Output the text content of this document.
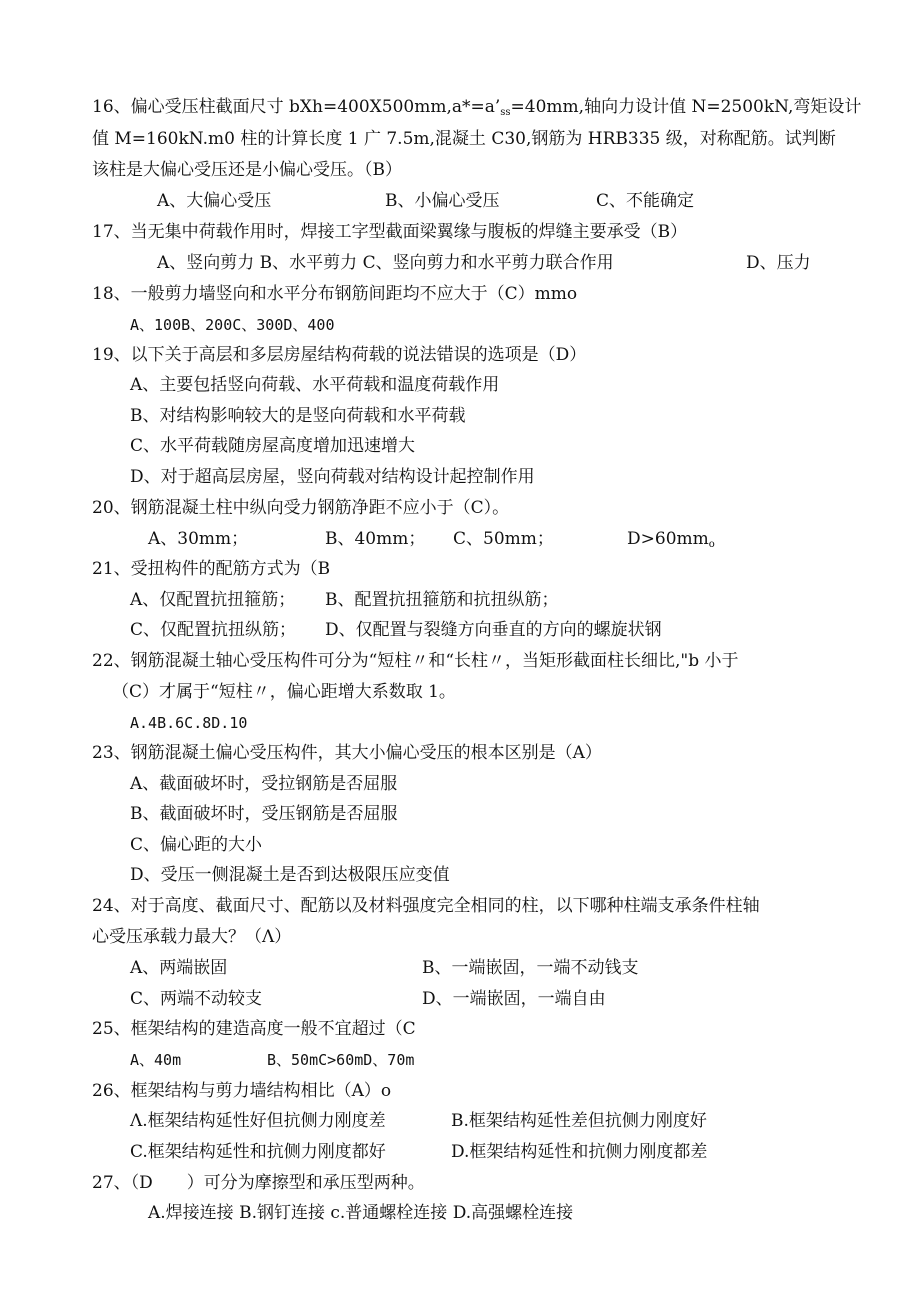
16、偏心受压柱截面尺寸 $bXh=400X500mm,a*=a’_{ss}=40mm$,轴向力设计值 N=2500kN,弯矩设计
值 M=160kN.m0 柱的计算长度 1 广 7.5m,混凝土 C30,钢筋为 HRB335 级，对称配筋。试判断
该柱是大偏心受压还是小偏心受压。（B）
A、大偏心受压	B、小偏心受压	C、不能确定
17、当无集中荷载作用时，焊接工字型截面梁翼缘与腹板的焊缝主要承受（B）
A、竖向剪力 B、水平剪力 C、竖向剪力和水平剪力联合作用	D、压力
18、一般剪力墙竖向和水平分布钢筋间距均不应大于（C）mmo
A、100B、200C、300D、400
19、以下关于高层和多层房屋结构荷载的说法错误的选项是（D）
A、主要包括竖向荷载、水平荷载和温度荷载作用
B、对结构影响较大的是竖向荷载和水平荷载
C、水平荷载随房屋高度增加迅速增大
D、对于超高层房屋，竖向荷载对结构设计起控制作用
20、钢筋混凝土柱中纵向受力钢筋净距不应小于（C）。
A、30mm；	B、40mm； C、50mm；	$D>60mm_o$
21、受扭构件的配筋方式为（B
A、仅配置抗扭箍筋； B、配置抗扭箍筋和抗扭纵筋；
C、仅配置抗扭纵筋； D、仅配置与裂缝方向垂直的方向的螺旋状钢
22、钢筋混凝土轴心受压构件可分为“短柱〃和“长柱〃，当矩形截面柱长细比,"b 小于
（C）才属于“短柱〃，偏心距增大系数取 1。
A.4B.6C.8D.10
23、钢筋混凝土偏心受压构件，其大小偏心受压的根本区别是（A）
A、截面破坏时，受拉钢筋是否屈服
B、截面破坏时，受压钢筋是否屈服
C、偏心距的大小
D、受压一侧混凝土是否到达极限压应变值
24、对于高度、截面尺寸、配筋以及材料强度完全相同的柱，以下哪种柱端支承条件柱轴
心受压承载力最大？（Λ）
A、两端嵌固	B、一端嵌固，一端不动钱支
C、两端不动较支	D、一端嵌固，一端自由
25、框架结构的建造高度一般不宜超过（C
A、40m	B、50mC>60mD、70m
26、框架结构与剪力墙结构相比（A）o
Λ.框架结构延性好但抗侧力刚度差	B.框架结构延性差但抗侧力刚度好
C.框架结构延性和抗侧力刚度都好	D.框架结构延性和抗侧力刚度都差
27、（D　　）可分为摩擦型和承压型两种。
A.焊接连接 B.钢钉连接 c.普通螺栓连接 D.高强螺栓连接
